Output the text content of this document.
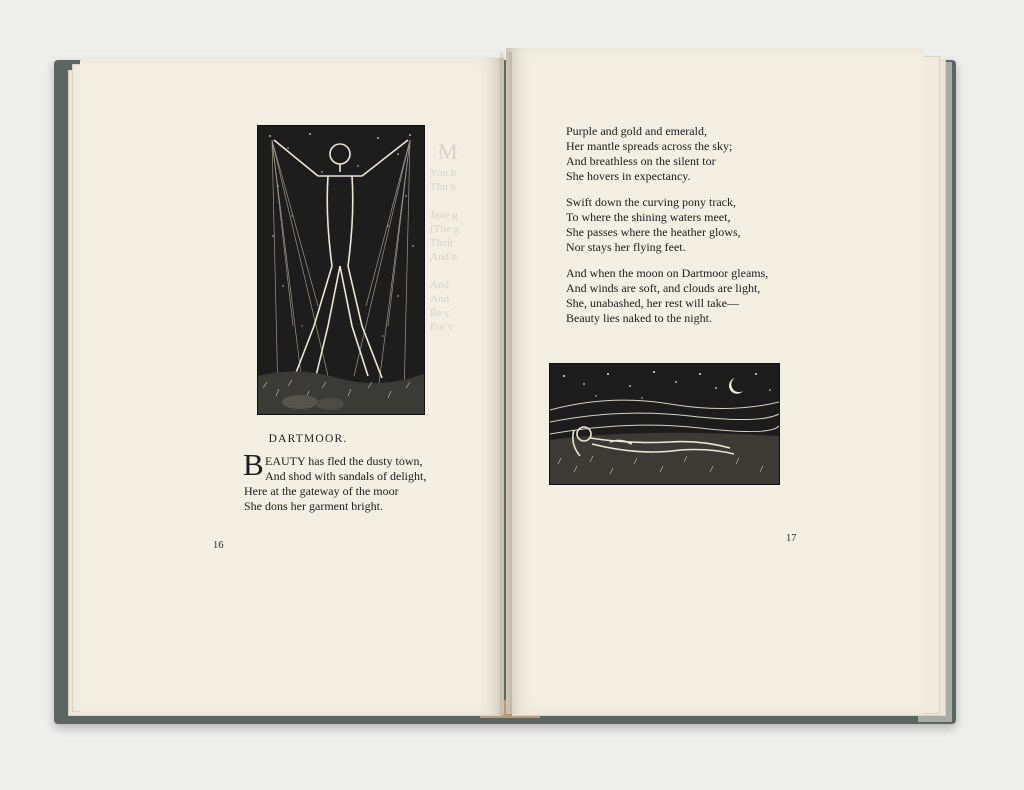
M
You h
Thu h

Jane g
(The g
Their
And n

And
And
Be c
For v
DARTMOOR.
B EAUTY has fled the dusty town,
And shod with sandals of delight,
Here at the gateway of the moor
She dons her garment bright.
16
Purple and gold and emerald,
Her mantle spreads across the sky;
And breathless on the silent tor
She hovers in expectancy.
Swift down the curving pony track,
To where the shining waters meet,
She passes where the heather glows,
Nor stays her flying feet.
And when the moon on Dartmoor gleams,
And winds are soft, and clouds are light,
She, unabashed, her rest will take—
Beauty lies naked to the night.
17
